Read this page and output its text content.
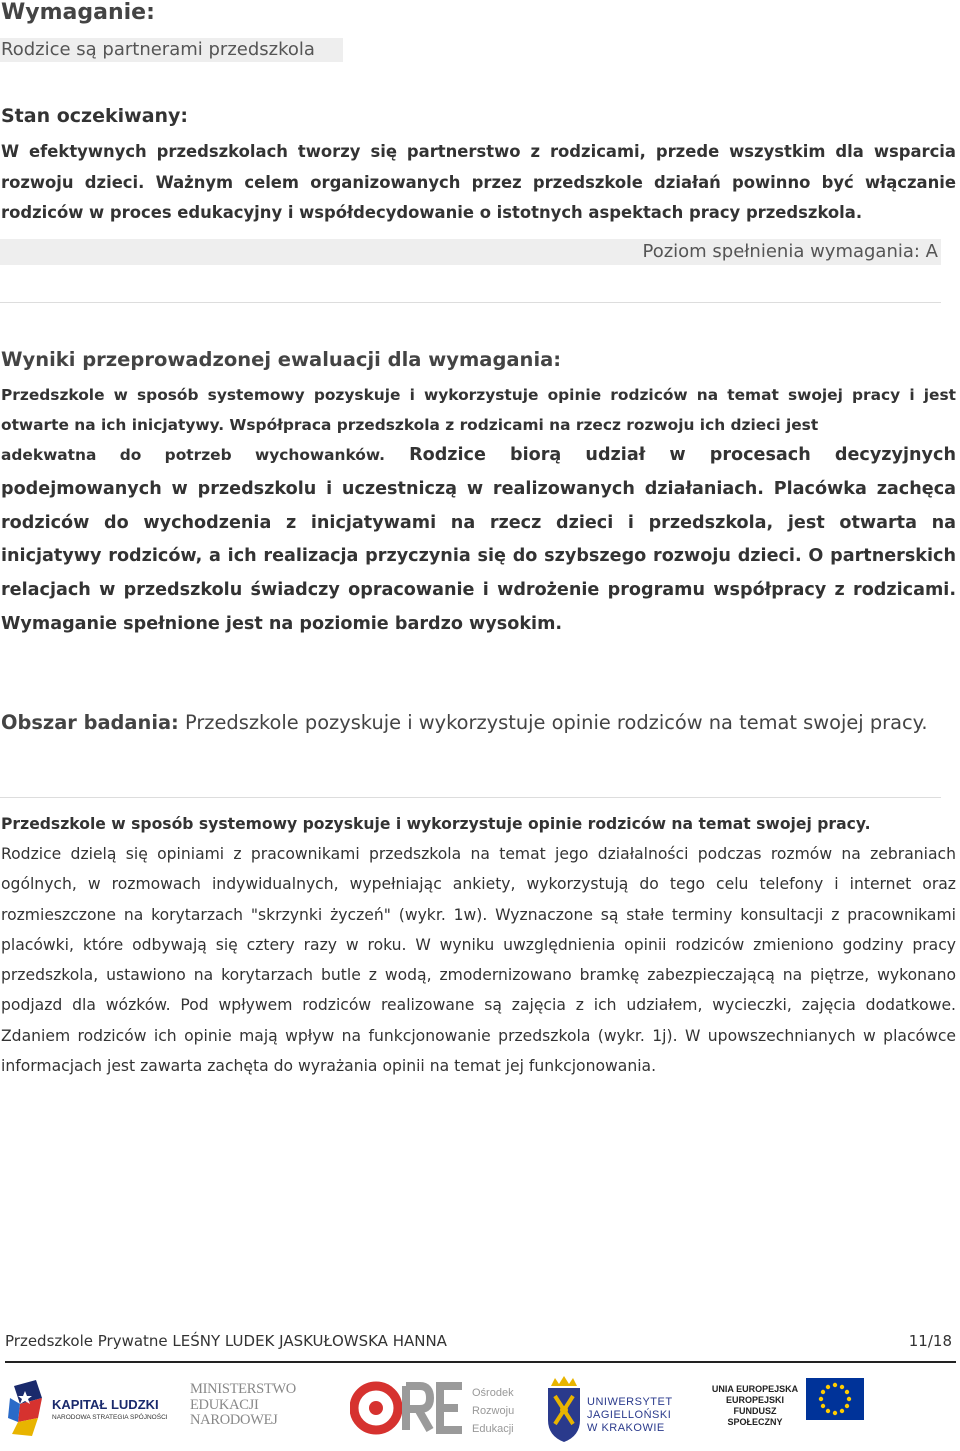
Wymaganie:
Rodzice są partnerami przedszkola
Stan oczekiwany:
W efektywnych przedszkolach tworzy się partnerstwo z rodzicami, przede wszystkim dla wsparcia rozwoju dzieci. Ważnym celem organizowanych przez przedszkole działań powinno być włączanie rodziców w proces edukacyjny i współdecydowanie o istotnych aspektach pracy przedszkola.
Poziom spełnienia wymagania: A
Wyniki przeprowadzonej ewaluacji dla wymagania:
Przedszkole w sposób systemowy pozyskuje i wykorzystuje opinie rodziców na temat swojej pracy i jest otwarte na ich inicjatywy. Współpraca przedszkola z rodzicami na rzecz rozwoju ich dzieci jest
adekwatna do potrzeb wychowanków. Rodzice biorą udział w procesach decyzyjnych podejmowanych w przedszkolu i uczestniczą w realizowanych działaniach. Placówka zachęca rodziców do wychodzenia z inicjatywami na rzecz dzieci i przedszkola, jest otwarta na inicjatywy rodziców, a ich realizacja przyczynia się do szybszego rozwoju dzieci. O partnerskich relacjach w przedszkolu świadczy opracowanie i wdrożenie programu współpracy z rodzicami. Wymaganie spełnione jest na poziomie bardzo wysokim.
Obszar badania: Przedszkole pozyskuje i wykorzystuje opinie rodziców na temat swojej pracy.
Przedszkole w sposób systemowy pozyskuje i wykorzystuje opinie rodziców na temat swojej pracy.
Rodzice dzielą się opiniami z pracownikami przedszkola na temat jego działalności podczas rozmów na zebraniach ogólnych, w rozmowach indywidualnych, wypełniając ankiety, wykorzystują do tego celu telefony i internet oraz rozmieszczone na korytarzach "skrzynki życzeń" (wykr. 1w). Wyznaczone są stałe terminy konsultacji z pracownikami placówki, które odbywają się cztery razy w roku. W wyniku uwzględnienia opinii rodziców zmieniono godziny pracy przedszkola, ustawiono na korytarzach butle z wodą, zmodernizowano bramkę zabezpieczającą na piętrze, wykonano podjazd dla wózków. Pod wpływem rodziców realizowane są zajęcia z ich udziałem, wycieczki, zajęcia dodatkowe. Zdaniem rodziców ich opinie mają wpływ na funkcjonowanie przedszkola (wykr. 1j). W upowszechnianych w placówce informacjach jest zawarta zachęta do wyrażania opinii na temat jej funkcjonowania.
Przedszkole Prywatne LEŚNY LUDEK JASKUŁOWSKA HANNA	11/18
KAPITAŁ LUDZKI
NARODOWA STRATEGIA SPÓJNOŚCI
MINISTERSTWO
EDUKACJI
NARODOWEJ
Ośrodek
Rozwoju
Edukacji
UNIWERSYTET
JAGIELLOŃSKI
W KRAKOWIE
UNIA EUROPEJSKA
EUROPEJSKI
FUNDUSZ SPOŁECZNY
